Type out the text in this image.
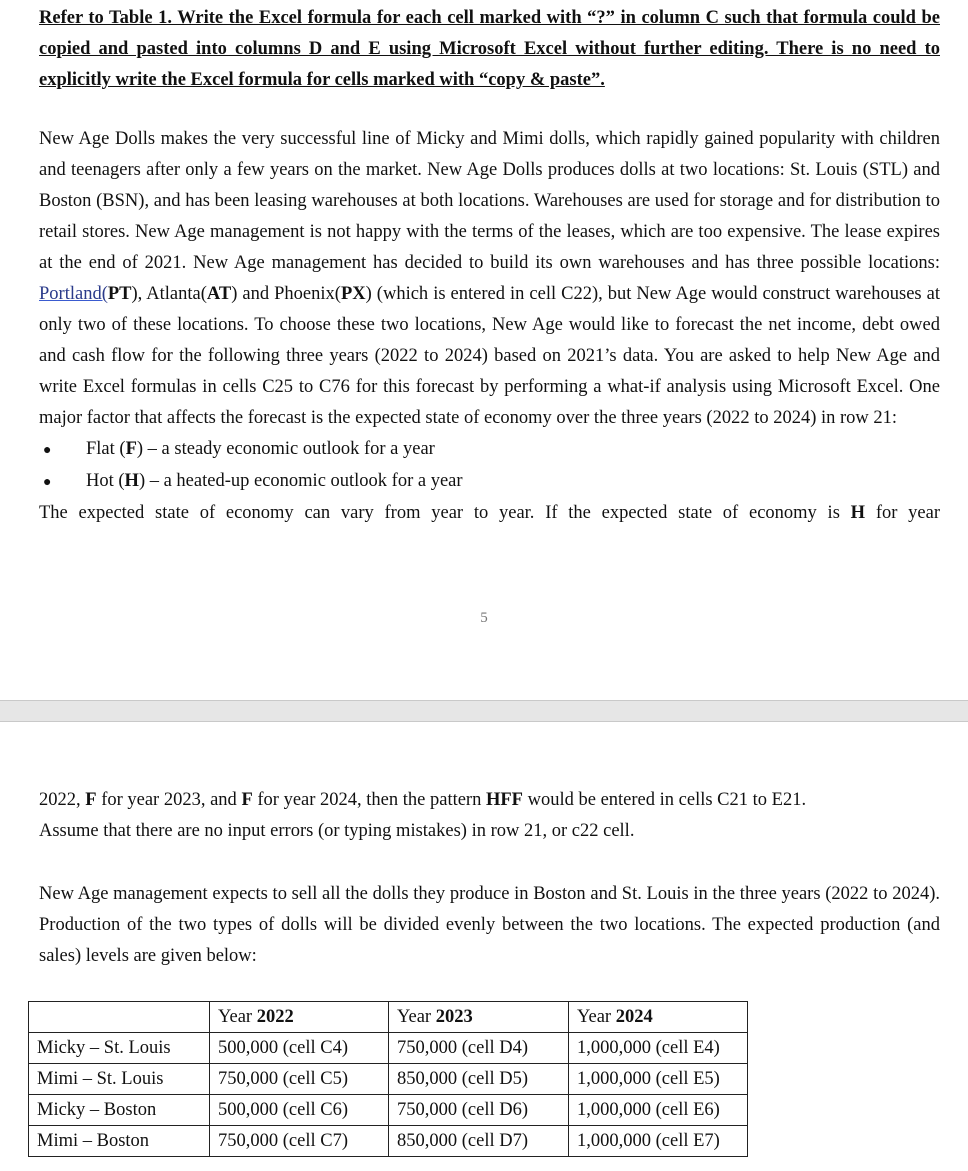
Refer to Table 1. Write the Excel formula for each cell marked with “?” in column C such that formula could be copied and pasted into columns D and E using Microsoft Excel without further editing. There is no need to explicitly write the Excel formula for cells marked with “copy & paste”.
New Age Dolls makes the very successful line of Micky and Mimi dolls, which rapidly gained popularity with children and teenagers after only a few years on the market. New Age Dolls produces dolls at two locations: St. Louis (STL) and Boston (BSN), and has been leasing warehouses at both locations. Warehouses are used for storage and for distribution to retail stores. New Age management is not happy with the terms of the leases, which are too expensive. The lease expires at the end of 2021. New Age management has decided to build its own warehouses and has three possible locations: Portland(PT), Atlanta(AT) and Phoenix(PX) (which is entered in cell C22), but New Age would construct warehouses at only two of these locations. To choose these two locations, New Age would like to forecast the net income, debt owed and cash flow for the following three years (2022 to 2024) based on 2021’s data. You are asked to help New Age and write Excel formulas in cells C25 to C76 for this forecast by performing a what-if analysis using Microsoft Excel. One major factor that affects the forecast is the expected state of economy over the three years (2022 to 2024) in row 21:
●	Flat (F) – a steady economic outlook for a year
●	Hot (H) – a heated-up economic outlook for a year
The expected state of economy can vary from year to year. If the expected state of economy is H for year
5
2022, F for year 2023, and F for year 2024, then the pattern HFF would be entered in cells C21 to E21.
Assume that there are no input errors (or typing mistakes) in row 21, or c22 cell.
New Age management expects to sell all the dolls they produce in Boston and St. Louis in the three years (2022 to 2024). Production of the two types of dolls will be divided evenly between the two locations. The expected production (and sales) levels are given below:
	Year 2022	Year 2023	Year 2024
Micky – St. Louis	500,000 (cell C4)	750,000 (cell D4)	1,000,000 (cell E4)
Mimi – St. Louis	750,000 (cell C5)	850,000 (cell D5)	1,000,000 (cell E5)
Micky – Boston	500,000 (cell C6)	750,000 (cell D6)	1,000,000 (cell E6)
Mimi – Boston	750,000 (cell C7)	850,000 (cell D7)	1,000,000 (cell E7)
